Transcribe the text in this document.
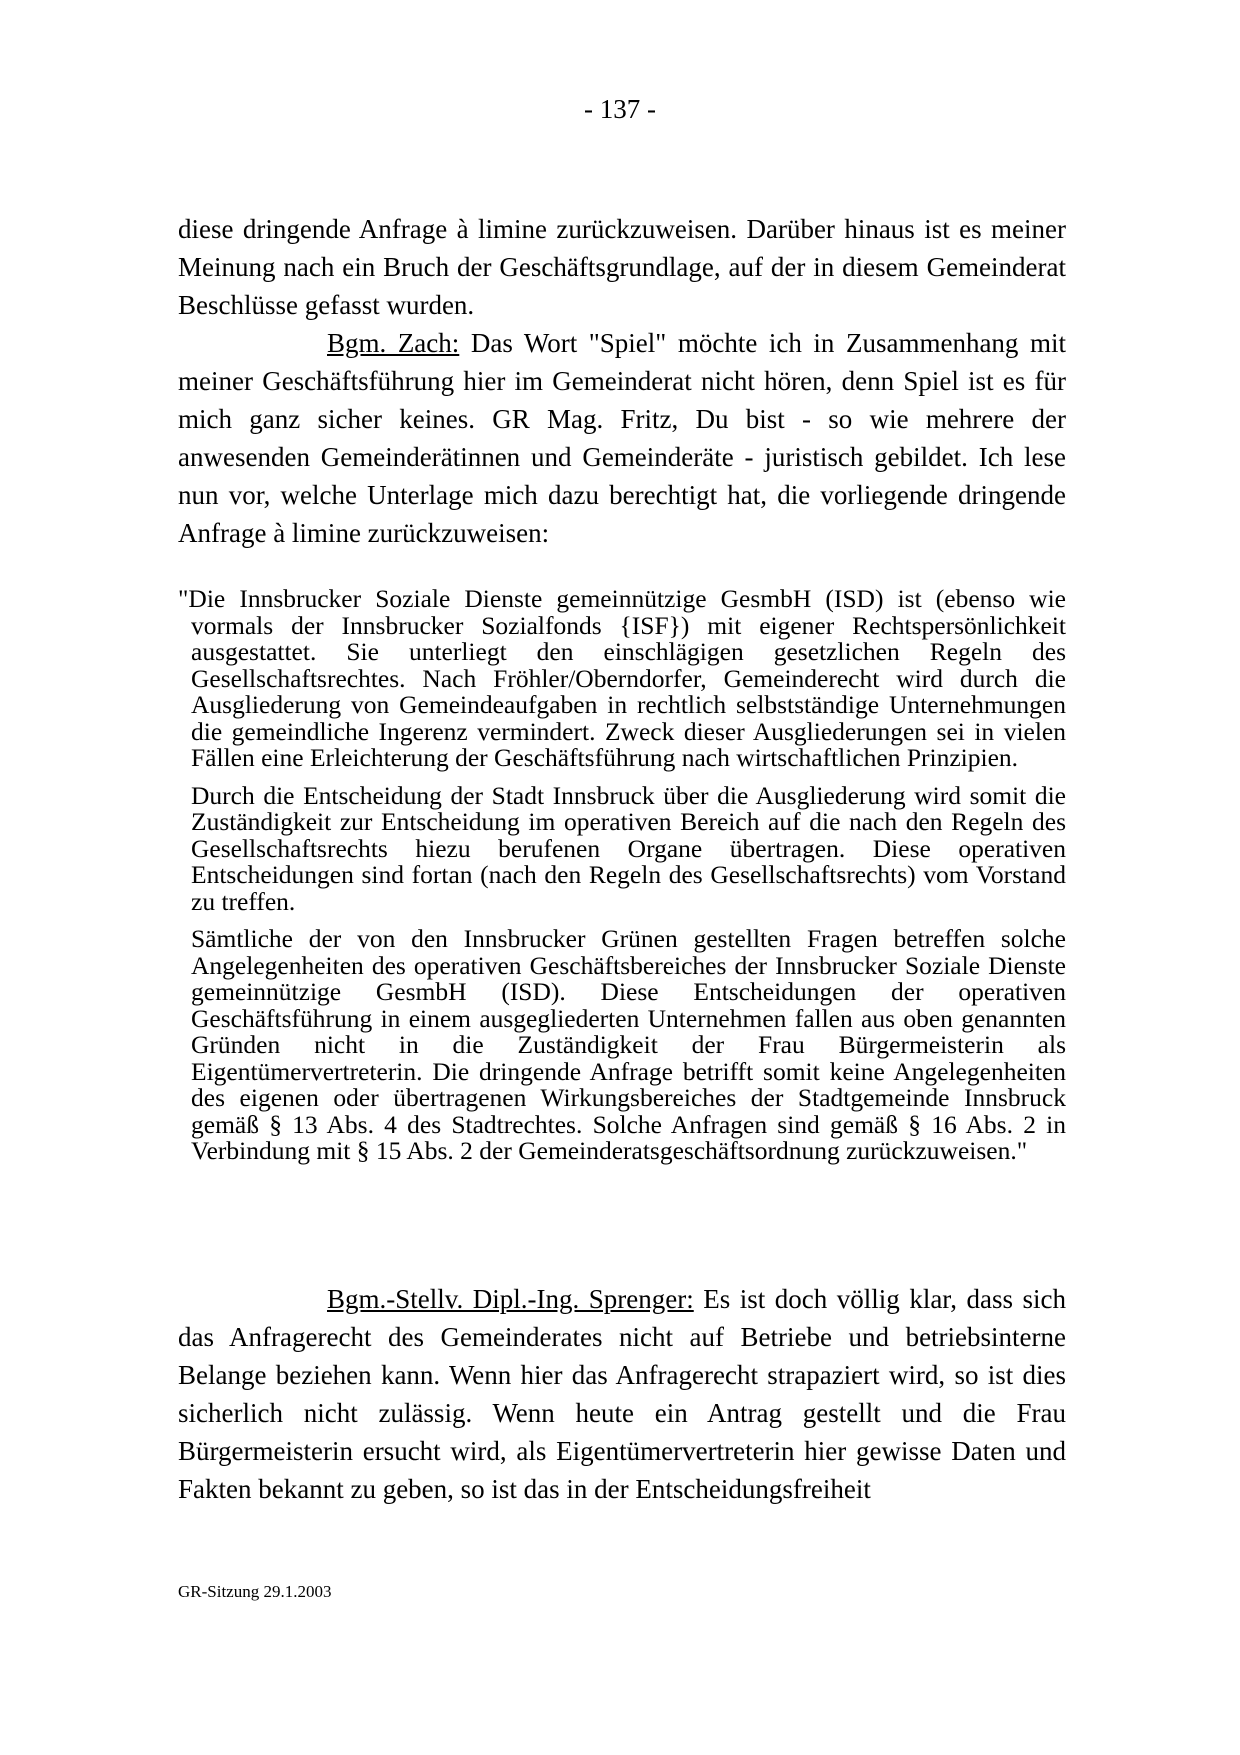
- 137 -

diese dringende Anfrage à limine zurückzuweisen. Darüber hinaus ist es meiner Meinung nach ein Bruch der Geschäftsgrundlage, auf der in diesem Gemeinderat Beschlüsse gefasst wurden.

Bgm. Zach: Das Wort "Spiel" möchte ich in Zusammenhang mit meiner Geschäftsführung hier im Gemeinderat nicht hören, denn Spiel ist es für mich ganz sicher keines. GR Mag. Fritz, Du bist - so wie mehrere der anwesenden Gemeinderätinnen und Gemeinderäte - juristisch gebildet. Ich lese nun vor, welche Unterlage mich dazu berechtigt hat, die vorliegende dringende Anfrage à limine zurückzuweisen:

"Die Innsbrucker Soziale Dienste gemeinnützige GesmbH (ISD) ist (ebenso wie vormals der Innsbrucker Sozialfonds {ISF}) mit eigener Rechtspersönlichkeit ausgestattet. Sie unterliegt den einschlägigen gesetzlichen Regeln des Gesellschaftsrechtes. Nach Fröhler/Oberndorfer, Gemeinderecht wird durch die Ausgliederung von Gemeindeaufgaben in rechtlich selbstständige Unternehmungen die gemeindliche Ingerenz vermindert. Zweck dieser Ausgliederungen sei in vielen Fällen eine Erleichterung der Geschäftsführung nach wirtschaftlichen Prinzipien.

Durch die Entscheidung der Stadt Innsbruck über die Ausgliederung wird somit die Zuständigkeit zur Entscheidung im operativen Bereich auf die nach den Regeln des Gesellschaftsrechts hiezu berufenen Organe übertragen. Diese operativen Entscheidungen sind fortan (nach den Regeln des Gesellschaftsrechts) vom Vorstand zu treffen.

Sämtliche der von den Innsbrucker Grünen gestellten Fragen betreffen solche Angelegenheiten des operativen Geschäftsbereiches der Innsbrucker Soziale Dienste gemeinnützige GesmbH (ISD). Diese Entscheidungen der operativen Geschäftsführung in einem ausgegliederten Unternehmen fallen aus oben genannten Gründen nicht in die Zuständigkeit der Frau Bürgermeisterin als Eigentümervertreterin. Die dringende Anfrage betrifft somit keine Angelegenheiten des eigenen oder übertragenen Wirkungsbereiches der Stadtgemeinde Innsbruck gemäß § 13 Abs. 4 des Stadtrechtes. Solche Anfragen sind gemäß § 16 Abs. 2 in Verbindung mit § 15 Abs. 2 der Gemeinderatsgeschäftsordnung zurückzuweisen."

Bgm.-Stellv. Dipl.-Ing. Sprenger: Es ist doch völlig klar, dass sich das Anfragerecht des Gemeinderates nicht auf Betriebe und betriebsinterne Belange beziehen kann. Wenn hier das Anfragerecht strapaziert wird, so ist dies sicherlich nicht zulässig. Wenn heute ein Antrag gestellt und die Frau Bürgermeisterin ersucht wird, als Eigentümervertreterin hier gewisse Daten und Fakten bekannt zu geben, so ist das in der Entscheidungsfreiheit

GR-Sitzung 29.1.2003
